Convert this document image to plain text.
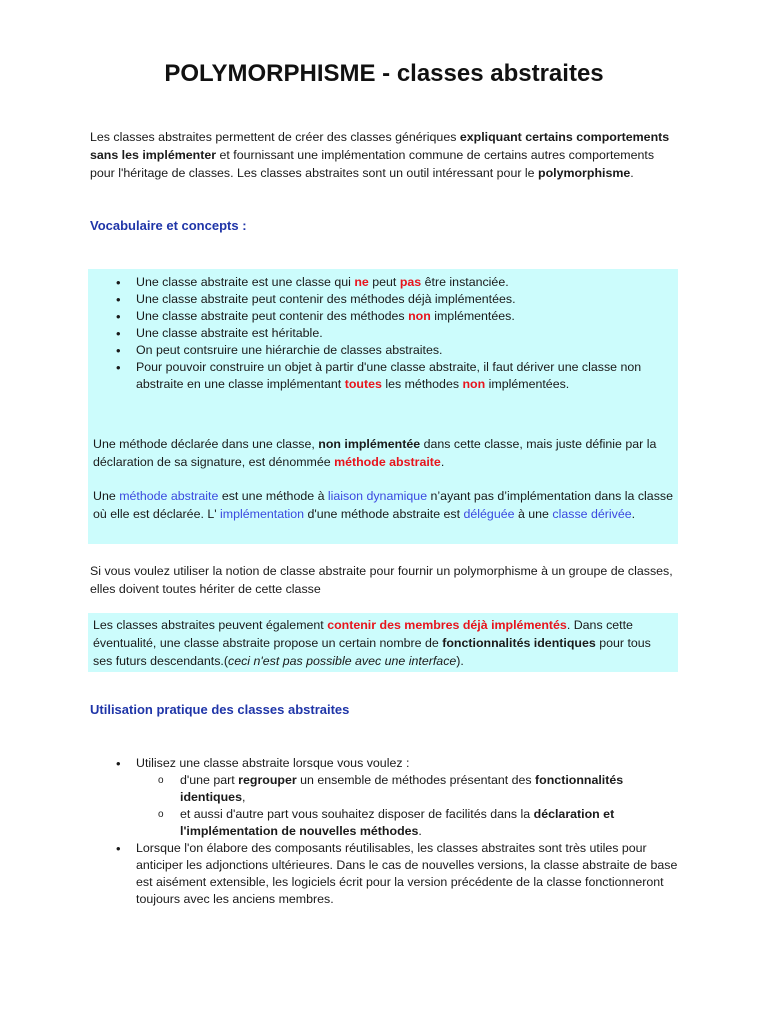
POLYMORPHISME - classes abstraites
Les classes abstraites permettent de créer des classes génériques expliquant certains comportements sans les implémenter et fournissant une implémentation commune de certains autres comportements pour l'héritage de classes. Les classes abstraites sont un outil intéressant pour le polymorphisme.
Vocabulaire et concepts :
• Une classe abstraite est une classe qui ne peut pas être instanciée.
• Une classe abstraite peut contenir des méthodes déjà implémentées.
• Une classe abstraite peut contenir des méthodes non implémentées.
• Une classe abstraite est héritable.
• On peut contsruire une hiérarchie de classes abstraites.
• Pour pouvoir construire un objet à partir d'une classe abstraite, il faut dériver une classe non abstraite en une classe implémentant toutes les méthodes non implémentées.
Une méthode déclarée dans une classe, non implémentée dans cette classe, mais juste définie par la déclaration de sa signature, est dénommée méthode abstraite.
Une méthode abstraite est une méthode à liaison dynamique n’ayant pas d’implémentation dans la classe où elle est déclarée. L' implémentation d'une méthode abstraite est déléguée à une classe dérivée.
Si vous voulez utiliser la notion de classe abstraite pour fournir un polymorphisme à un groupe de classes, elles doivent toutes hériter de cette classe
Les classes abstraites peuvent également contenir des membres déjà implémentés. Dans cette éventualité, une classe abstraite propose un certain nombre de fonctionnalités identiques pour tous ses futurs descendants.(ceci n'est pas possible avec une interface).
Utilisation pratique des classes abstraites
• Utilisez une classe abstraite lorsque vous voulez :
o d'une part regrouper un ensemble de méthodes présentant des fonctionnalités identiques,
o et aussi d'autre part vous souhaitez disposer de facilités dans la déclaration et l'implémentation de nouvelles méthodes.
• Lorsque l'on élabore des composants réutilisables, les classes abstraites sont très utiles pour anticiper les adjonctions ultérieures. Dans le cas de nouvelles versions, la classe abstraite de base est aisément extensible, les logiciels écrit pour la version précédente de la classe fonctionneront toujours avec les anciens membres.
